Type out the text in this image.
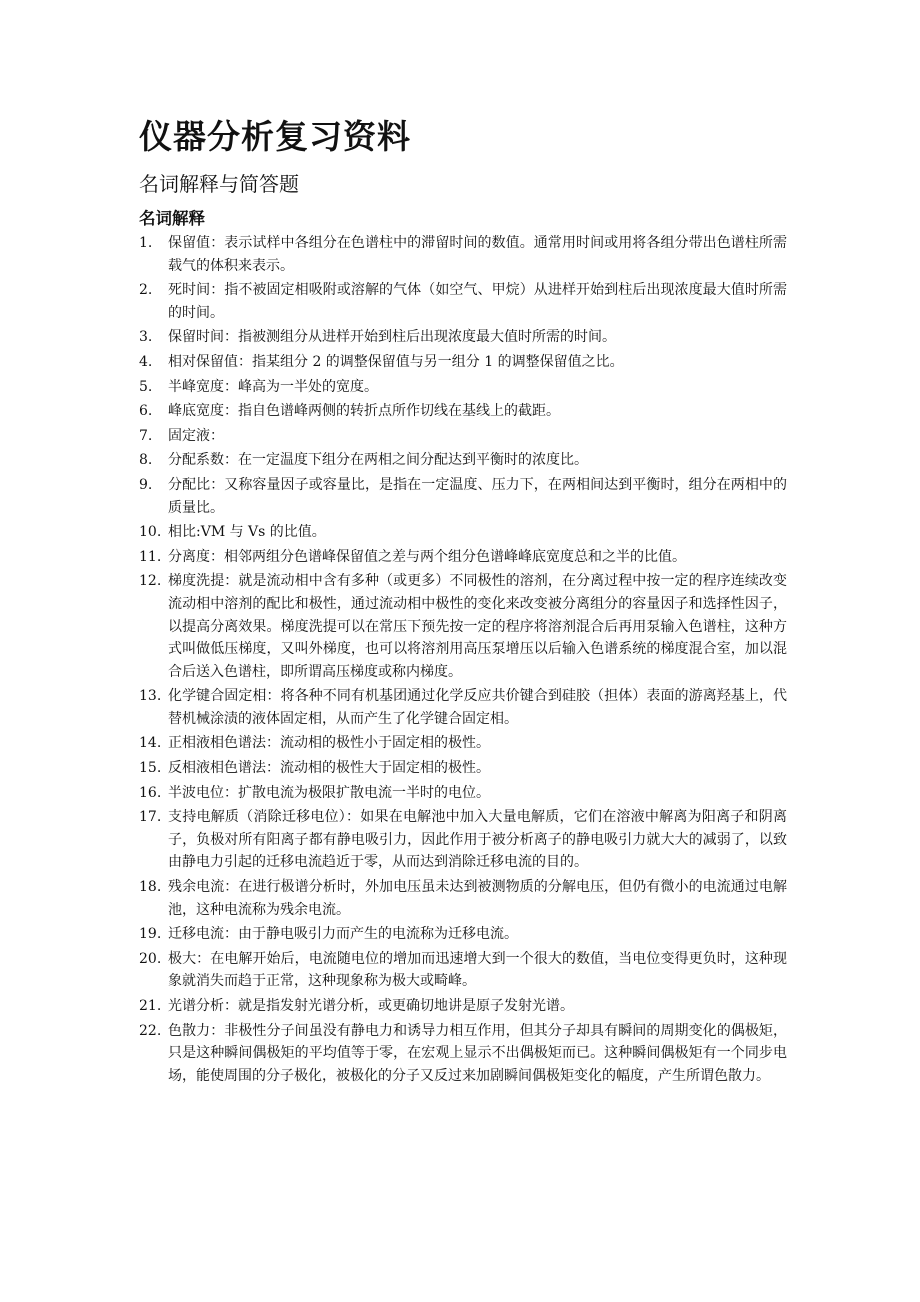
仪器分析复习资料
名词解释与简答题
名词解释
1. 保留值：表示试样中各组分在色谱柱中的滞留时间的数值。通常用时间或用将各组分带出色谱柱所需载气的体积来表示。
2. 死时间：指不被固定相吸附或溶解的气体（如空气、甲烷）从进样开始到柱后出现浓度最大值时所需的时间。
3. 保留时间：指被测组分从进样开始到柱后出现浓度最大值时所需的时间。
4. 相对保留值：指某组分 2 的调整保留值与另一组分 1 的调整保留值之比。
5. 半峰宽度：峰高为一半处的宽度。
6. 峰底宽度：指自色谱峰两侧的转折点所作切线在基线上的截距。
7. 固定液：
8. 分配系数：在一定温度下组分在两相之间分配达到平衡时的浓度比。
9. 分配比：又称容量因子或容量比，是指在一定温度、压力下，在两相间达到平衡时，组分在两相中的质量比。
10. 相比:VM 与 Vs 的比值。
11. 分离度：相邻两组分色谱峰保留值之差与两个组分色谱峰峰底宽度总和之半的比值。
12. 梯度洗提：就是流动相中含有多种（或更多）不同极性的溶剂，在分离过程中按一定的程序连续改变流动相中溶剂的配比和极性，通过流动相中极性的变化来改变被分离组分的容量因子和选择性因子，以提高分离效果。梯度洗提可以在常压下预先按一定的程序将溶剂混合后再用泵输入色谱柱，这种方式叫做低压梯度，又叫外梯度，也可以将溶剂用高压泵增压以后输入色谱系统的梯度混合室，加以混合后送入色谱柱，即所谓高压梯度或称内梯度。
13. 化学键合固定相：将各种不同有机基团通过化学反应共价键合到硅胶（担体）表面的游离羟基上，代替机械涂渍的液体固定相，从而产生了化学键合固定相。
14. 正相液相色谱法：流动相的极性小于固定相的极性。
15. 反相液相色谱法：流动相的极性大于固定相的极性。
16. 半波电位：扩散电流为极限扩散电流一半时的电位。
17. 支持电解质（消除迁移电位）：如果在电解池中加入大量电解质，它们在溶液中解离为阳离子和阴离子，负极对所有阳离子都有静电吸引力，因此作用于被分析离子的静电吸引力就大大的减弱了，以致由静电力引起的迁移电流趋近于零，从而达到消除迁移电流的目的。
18. 残余电流：在进行极谱分析时，外加电压虽未达到被测物质的分解电压，但仍有微小的电流通过电解池，这种电流称为残余电流。
19. 迁移电流：由于静电吸引力而产生的电流称为迁移电流。
20. 极大：在电解开始后，电流随电位的增加而迅速增大到一个很大的数值，当电位变得更负时，这种现象就消失而趋于正常，这种现象称为极大或畸峰。
21. 光谱分析：就是指发射光谱分析，或更确切地讲是原子发射光谱。
22. 色散力：非极性分子间虽没有静电力和诱导力相互作用，但其分子却具有瞬间的周期变化的偶极矩，只是这种瞬间偶极矩的平均值等于零，在宏观上显示不出偶极矩而已。这种瞬间偶极矩有一个同步电场，能使周围的分子极化，被极化的分子又反过来加剧瞬间偶极矩变化的幅度，产生所谓色散力。
